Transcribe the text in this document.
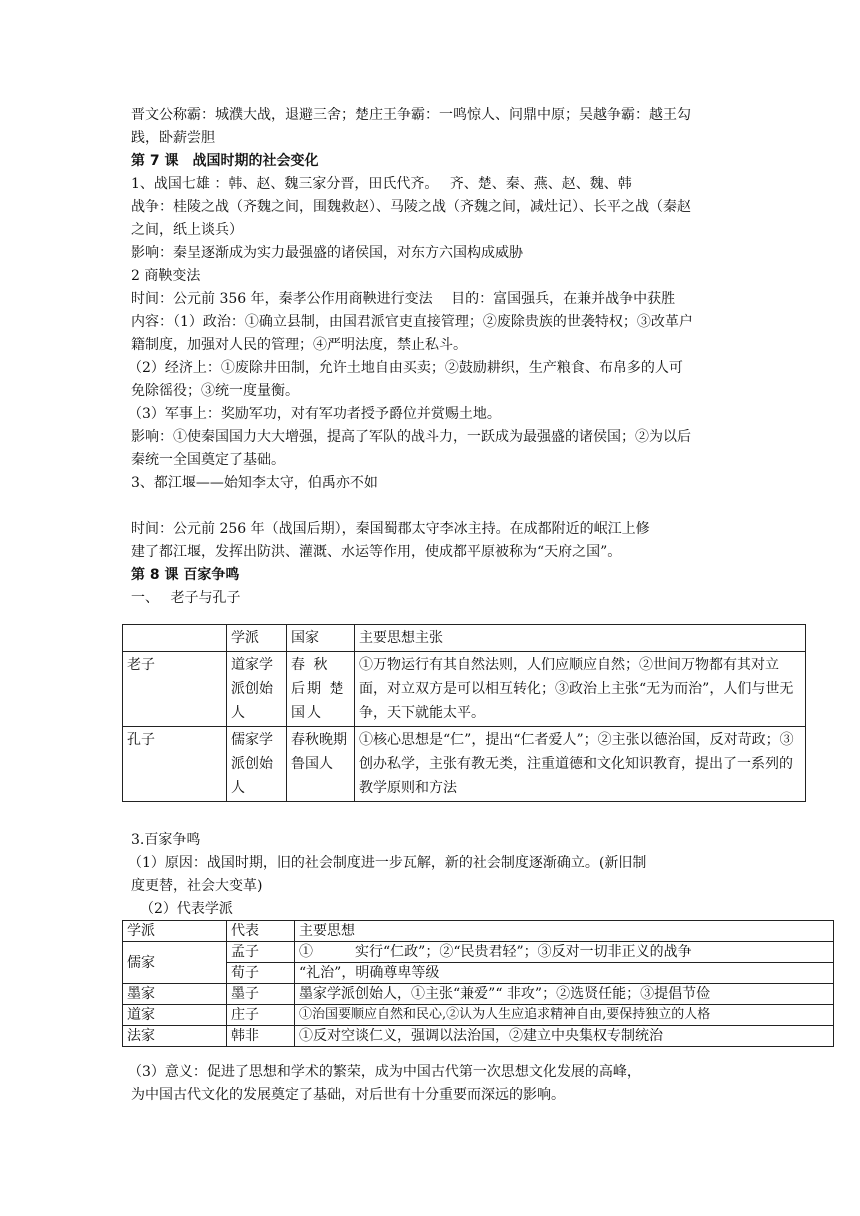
晋文公称霸：城濮大战，退避三舍；楚庄王争霸：一鸣惊人、问鼎中原；吴越争霸：越王勾
践，卧薪尝胆
第 7 课　战国时期的社会变化
1、战国七雄 ：韩、赵、魏三家分晋，田氏代齐。　 齐、楚、秦、燕、赵、魏、韩
战争：桂陵之战（齐魏之间，围魏救赵）、马陵之战（齐魏之间，减灶记）、长平之战（秦赵
之间，纸上谈兵）
影响：秦呈逐渐成为实力最强盛的诸侯国，对东方六国构成威胁
2 商鞅变法
时间：公元前 356 年，秦孝公作用商鞅进行变法　 目的：富国强兵，在兼并战争中获胜
内容：（1）政治：①确立县制，由国君派官吏直接管理；②废除贵族的世袭特权；③改革户
籍制度，加强对人民的管理；④严明法度，禁止私斗。
（2）经济上：①废除井田制，允许土地自由买卖；②鼓励耕织，生产粮食、布帛多的人可
免除徭役；③统一度量衡。
（3）军事上：奖励军功，对有军功者授予爵位并赏赐土地。
影响：①使秦国国力大大增强，提高了军队的战斗力，一跃成为最强盛的诸侯国；②为以后
秦统一全国奠定了基础。
3、都江堰——始知李太守，伯禹亦不如
时间：公元前 256 年（战国后期），秦国蜀郡太守李冰主持。在成都附近的岷江上修
建了都江堰，发挥出防洪、灌溉、水运等作用，使成都平原被称为“天府之国”。
第 8 课 百家争鸣
一、　 老子与孔子
	学派	国家	主要思想主张
老子	道家学派创始人	春 秋 后期 楚 国人	①万物运行有其自然法则，人们应顺应自然；②世间万物都有其对立面，对立双方是可以相互转化；③政治上主张“无为而治”，人们与世无争，天下就能太平。
孔子	儒家学派创始人	春秋晚期鲁国人	①核心思想是“仁”，提出“仁者爱人”；②主张以德治国，反对苛政；③创办私学，主张有教无类，注重道德和文化知识教育，提出了一系列的教学原则和方法
3.百家争鸣
（1）原因：战国时期，旧的社会制度进一步瓦解，新的社会制度逐渐确立。(新旧制
度更替，社会大变革)
（2）代表学派
学派	代表	主要思想
儒家	孟子	①　　　实行“仁政”；②“民贵君轻”；③反对一切非正义的战争
	荀子	“礼治”，明确尊卑等级
墨家	墨子	墨家学派创始人，①主张“兼爱”“ 非攻”；②选贤任能；③提倡节俭
道家	庄子	①治国要顺应自然和民心,②认为人生应追求精神自由,要保持独立的人格
法家	韩非	①反对空谈仁义，强调以法治国，②建立中央集权专制统治
（3）意义：促进了思想和学术的繁荣，成为中国古代第一次思想文化发展的高峰，
为中国古代文化的发展奠定了基础，对后世有十分重要而深远的影响。
